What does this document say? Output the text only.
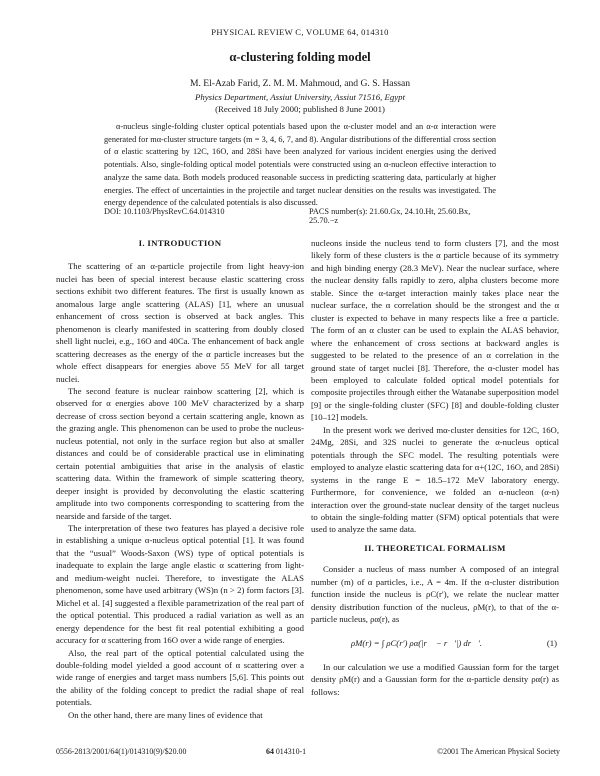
PHYSICAL REVIEW C, VOLUME 64, 014310
α-clustering folding model
M. El-Azab Farid, Z. M. M. Mahmoud, and G. S. Hassan
Physics Department, Assiut University, Assiut 71516, Egypt
(Received 18 July 2000; published 8 June 2001)

α-nucleus single-folding cluster optical potentials based upon the α-cluster model and an α-α interaction were generated for mα-cluster structure targets (m = 3, 4, 6, 7, and 8). Angular distributions of the differential cross section of α elastic scattering by 12C, 16O, and 28Si have been analyzed for various incident energies using the derived potentials. Also, single-folding optical model potentials were constructed using an α-nucleon effective interaction to analyze the same data. Both models produced reasonable success in predicting scattering data, particularly at higher energies. The effect of uncertainties in the projectile and target nuclear densities on the results was investigated. The energy dependence of the calculated potentials is also discussed.

DOI: 10.1103/PhysRevC.64.014310	PACS number(s): 21.60.Gx, 24.10.Ht, 25.60.Bx, 25.70.−z
I. INTRODUCTION

The scattering of an α-particle projectile from light heavy-ion nuclei has been of special interest because elastic scattering cross sections exhibit two different features. The first is usually known as anomalous large angle scattering (ALAS) [1], where an unusual enhancement of cross section is observed at back angles. This phenomenon is clearly manifested in scattering from doubly closed shell light nuclei, e.g., 16O and 40Ca. The enhancement of back angle scattering decreases as the energy of the α particle increases but the whole effect disappears for energies above 55 MeV for all target nuclei.

The second feature is nuclear rainbow scattering [2], which is observed for α energies above 100 MeV characterized by a sharp decrease of cross section beyond a certain scattering angle, known as the grazing angle. This phenomenon can be used to probe the nucleus-nucleus potential, not only in the surface region but also at smaller distances and could be of considerable practical use in eliminating certain potential ambiguities that arise in the analysis of elastic scattering data. Within the framework of simple scattering theory, deeper insight is provided by deconvoluting the elastic scattering amplitude into two components corresponding to scattering from the nearside and farside of the target.

The interpretation of these two features has played a decisive role in establishing a unique α-nucleus optical potential [1]. It was found that the “usual” Woods-Saxon (WS) type of optical potentials is inadequate to explain the large angle elastic α scattering from light- and medium-weight nuclei. Therefore, to investigate the ALAS phenomenon, some have used arbitrary (WS)n (n > 2) form factors [3]. Michel et al. [4] suggested a flexible parametrization of the real part of the optical potential. This produced a radial variation as well as an energy dependence for the best fit real potential exhibiting a good accuracy for α scattering from 16O over a wide range of energies.

Also, the real part of the optical potential calculated using the double-folding model yielded a good account of α scattering over a wide range of energies and target mass numbers [5,6]. This points out the ability of the folding concept to predict the radial shape of real potentials.

On the other hand, there are many lines of evidence that

nucleons inside the nucleus tend to form clusters [7], and the most likely form of these clusters is the α particle because of its symmetry and high binding energy (28.3 MeV). Near the nuclear surface, where the nuclear density falls rapidly to zero, alpha clusters become more stable. Since the α-target interaction mainly takes place near the nuclear surface, the α correlation should be the strongest and the α cluster is expected to behave in many respects like a free α particle. The form of an α cluster can be used to explain the ALAS behavior, where the enhancement of cross sections at backward angles is suggested to be related to the presence of an α correlation in the ground state of target nuclei [8]. Therefore, the α-cluster model has been employed to calculate folded optical model potentials for composite projectiles through either the Watanabe superposition model [9] or the single-folding cluster (SFC) [8] and double-folding cluster [10–12] models.

In the present work we derived mα-cluster densities for 12C, 16O, 24Mg, 28Si, and 32S nuclei to generate the α-nucleus optical potentials through the SFC model. The resulting potentials were employed to analyze elastic scattering data for α+(12C, 16O, and 28Si) systems in the range E = 18.5–172 MeV laboratory energy. Furthermore, for convenience, we folded an α-nucleon (α-n) interaction over the ground-state nuclear density of the target nucleus to obtain the single-folding matter (SFM) optical potentials that were used to analyze the same data.

II. THEORETICAL FORMALISM

Consider a nucleus of mass number A composed of an integral number (m) of α particles, i.e., A = 4m. If the α-cluster distribution function inside the nucleus is ρC(r′), we relate the nuclear matter density distribution function of the nucleus, ρM(r), to that of the α-particle nucleus, ρα(r), as

ρM(r) = ∫ ρC(r′) ρα(|r⃗ − r⃗′|) dr⃗′.	(1)

In our calculation we use a modified Gaussian form for the target density ρM(r) and a Gaussian form for the α-particle density ρα(r) as follows:

0556-2813/2001/64(1)/014310(9)/$20.00	64 014310-1	©2001 The American Physical Society
